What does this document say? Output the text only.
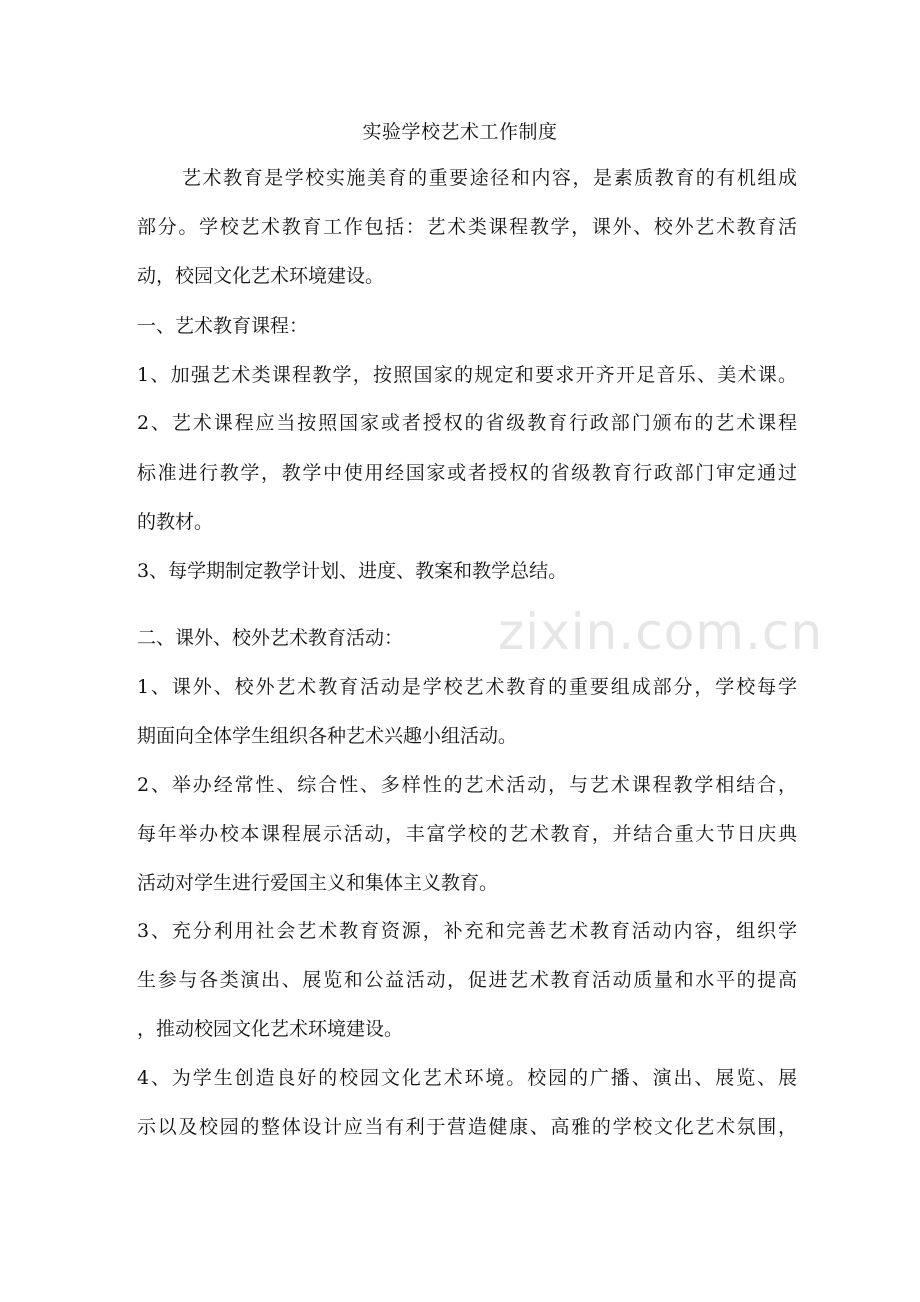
zixin.com.cn
实验学校艺术工作制度
艺术教育是学校实施美育的重要途径和内容，是素质教育的有机组成
部分。学校艺术教育工作包括：艺术类课程教学，课外、校外艺术教育活
动，校园文化艺术环境建设。
一、艺术教育课程：
1、加强艺术类课程教学，按照国家的规定和要求开齐开足音乐、美术课。
2、艺术课程应当按照国家或者授权的省级教育行政部门颁布的艺术课程
标准进行教学，教学中使用经国家或者授权的省级教育行政部门审定通过
的教材。
3、每学期制定教学计划、进度、教案和教学总结。
二、课外、校外艺术教育活动：
1、课外、校外艺术教育活动是学校艺术教育的重要组成部分，学校每学
期面向全体学生组织各种艺术兴趣小组活动。
2、举办经常性、综合性、多样性的艺术活动，与艺术课程教学相结合，
每年举办校本课程展示活动，丰富学校的艺术教育，并结合重大节日庆典
活动对学生进行爱国主义和集体主义教育。
3、充分利用社会艺术教育资源，补充和完善艺术教育活动内容，组织学
生参与各类演出、展览和公益活动，促进艺术教育活动质量和水平的提高
，推动校园文化艺术环境建设。
4、为学生创造良好的校园文化艺术环境。校园的广播、演出、展览、展
示以及校园的整体设计应当有利于营造健康、高雅的学校文化艺术氛围，
